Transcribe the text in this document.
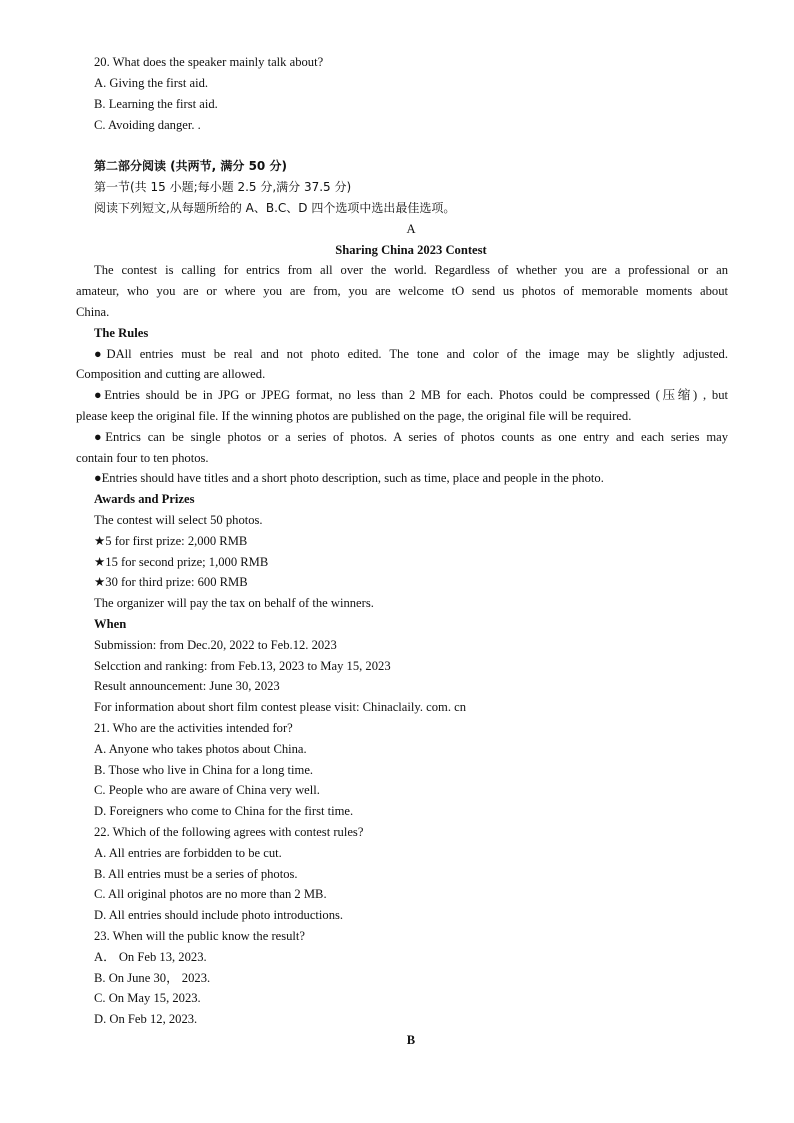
20. What does the speaker mainly talk about?
A. Giving the first aid.
B. Learning the first aid.
C. Avoiding danger. .
第二部分阅读 (共两节, 满分 50 分)
第一节(共 15 小题;每小题 2.5 分,满分 37.5 分)
阅读下列短文,从每题所给的 A、B.C、D 四个选项中选出最佳选项。
A
Sharing China 2023 Contest
The contest is calling for entrics from all over the world. Regardless of whether you are a professional or an
amateur, who you are or where you are from, you are welcome tO send us photos of memorable moments about
China.
The Rules
●DAll entries must be real and not photo edited. The tone and color of the image may be slightly adjusted.
Composition and cutting are allowed.
●Entries should be in JPG or JPEG format, no less than 2 MB for each. Photos could be compressed (压缩) , but
please keep the original file. If the winning photos are published on the page, the original file will be required.
●Entrics can be single photos or a series of photos. A series of photos counts as one entry and each series may
contain four to ten photos.
●Entries should have titles and a short photo description, such as time, place and people in the photo.
Awards and Prizes
The contest will select 50 photos.
★5 for first prize: 2,000 RMB
★15 for second prize; 1,000 RMB
★30 for third prize: 600 RMB
The organizer will pay the tax on behalf of the winners.
When
Submission: from Dec.20, 2022 to Feb.12. 2023
Selcction and ranking: from Feb.13, 2023 to May 15, 2023
Result announcement: June 30, 2023
For information about short film contest please visit: Chinaclaily. com. cn
21. Who are the activities intended for?
A. Anyone who takes photos about China.
B. Those who live in China for a long time.
C. People who are aware of China very well.
D. Foreigners who come to China for the first time.
22. Which of the following agrees with contest rules?
A. All entries are forbidden to be cut.
B. All entries must be a series of photos.
C. All original photos are no more than 2 MB.
D. All entries should include photo introductions.
23. When will the public know the result?
A． On Feb 13, 2023.
B. On June 30， 2023.
C. On May 15, 2023.
D. On Feb 12, 2023.
B
